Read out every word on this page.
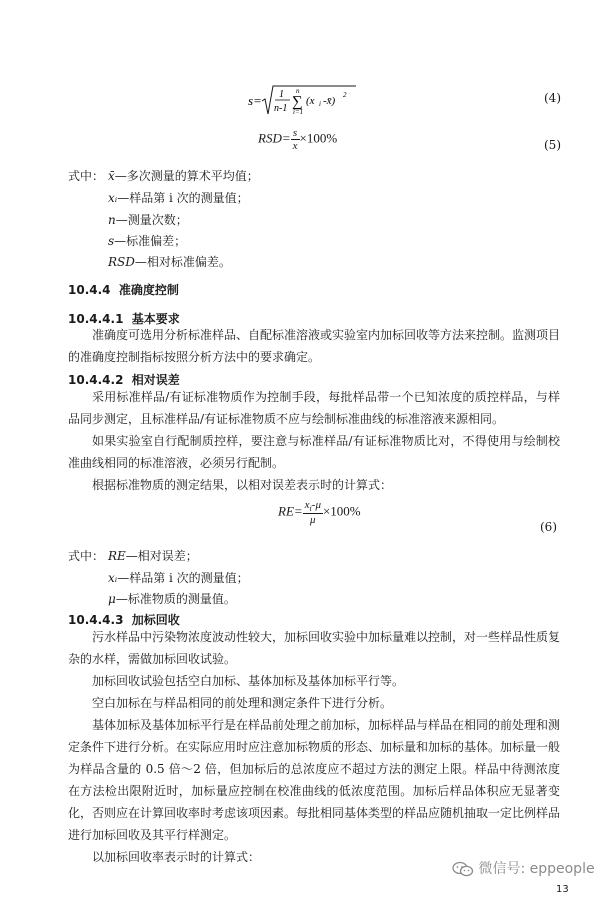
s= 1
n-1
n
∑
i=1
(x i -x̄) 2	(4)
$RSD= \frac{s}{x} \times 100\%$	(5)
式中： x̄—多次测量的算术平均值；
xᵢ—样品第 i 次的测量值；
n—测量次数；
s—标准偏差；
RSD—相对标准偏差。
10.4.4 准确度控制
10.4.4.1 基本要求

准确度可选用分析标准样品、自配标准溶液或实验室内加标回收等方法来控制。监测项目的准确度控制指标按照分析方法中的要求确定。

10.4.4.2 相对误差

采用标准样品/有证标准物质作为控制手段，每批样品带一个已知浓度的质控样品，与样品同步测定，且标准样品/有证标准物质不应与绘制标准曲线的标准溶液来源相同。

如果实验室自行配制质控样，要注意与标准样品/有证标准物质比对，不得使用与绘制校准曲线相同的标准溶液，必须另行配制。

根据标准物质的测定结果，以相对误差表示时的计算式：

$RE= \frac{x_i-\mu}{\mu} \times 100\%$
(6)
式中： RE—相对误差；
xᵢ—样品第 i 次的测量值；
μ—标准物质的测量值。
10.4.4.3 加标回收

污水样品中污染物浓度波动性较大，加标回收实验中加标量难以控制，对一些样品性质复杂的水样，需做加标回收试验。

加标回收试验包括空白加标、基体加标及基体加标平行等。

空白加标在与样品相同的前处理和测定条件下进行分析。

基体加标及基体加标平行是在样品前处理之前加标，加标样品与样品在相同的前处理和测定条件下进行分析。在实际应用时应注意加标物质的形态、加标量和加标的基体。加标量一般为样品含量的 0.5 倍～2 倍，但加标后的总浓度应不超过方法的测定上限。样品中待测浓度在方法检出限附近时，加标量应控制在校准曲线的低浓度范围。加标后样品体积应无显著变化，否则应在计算回收率时考虑该项因素。每批相同基体类型的样品应随机抽取一定比例样品进行加标回收及其平行样测定。

以加标回收率表示时的计算式：

微信号: eppeople
13
